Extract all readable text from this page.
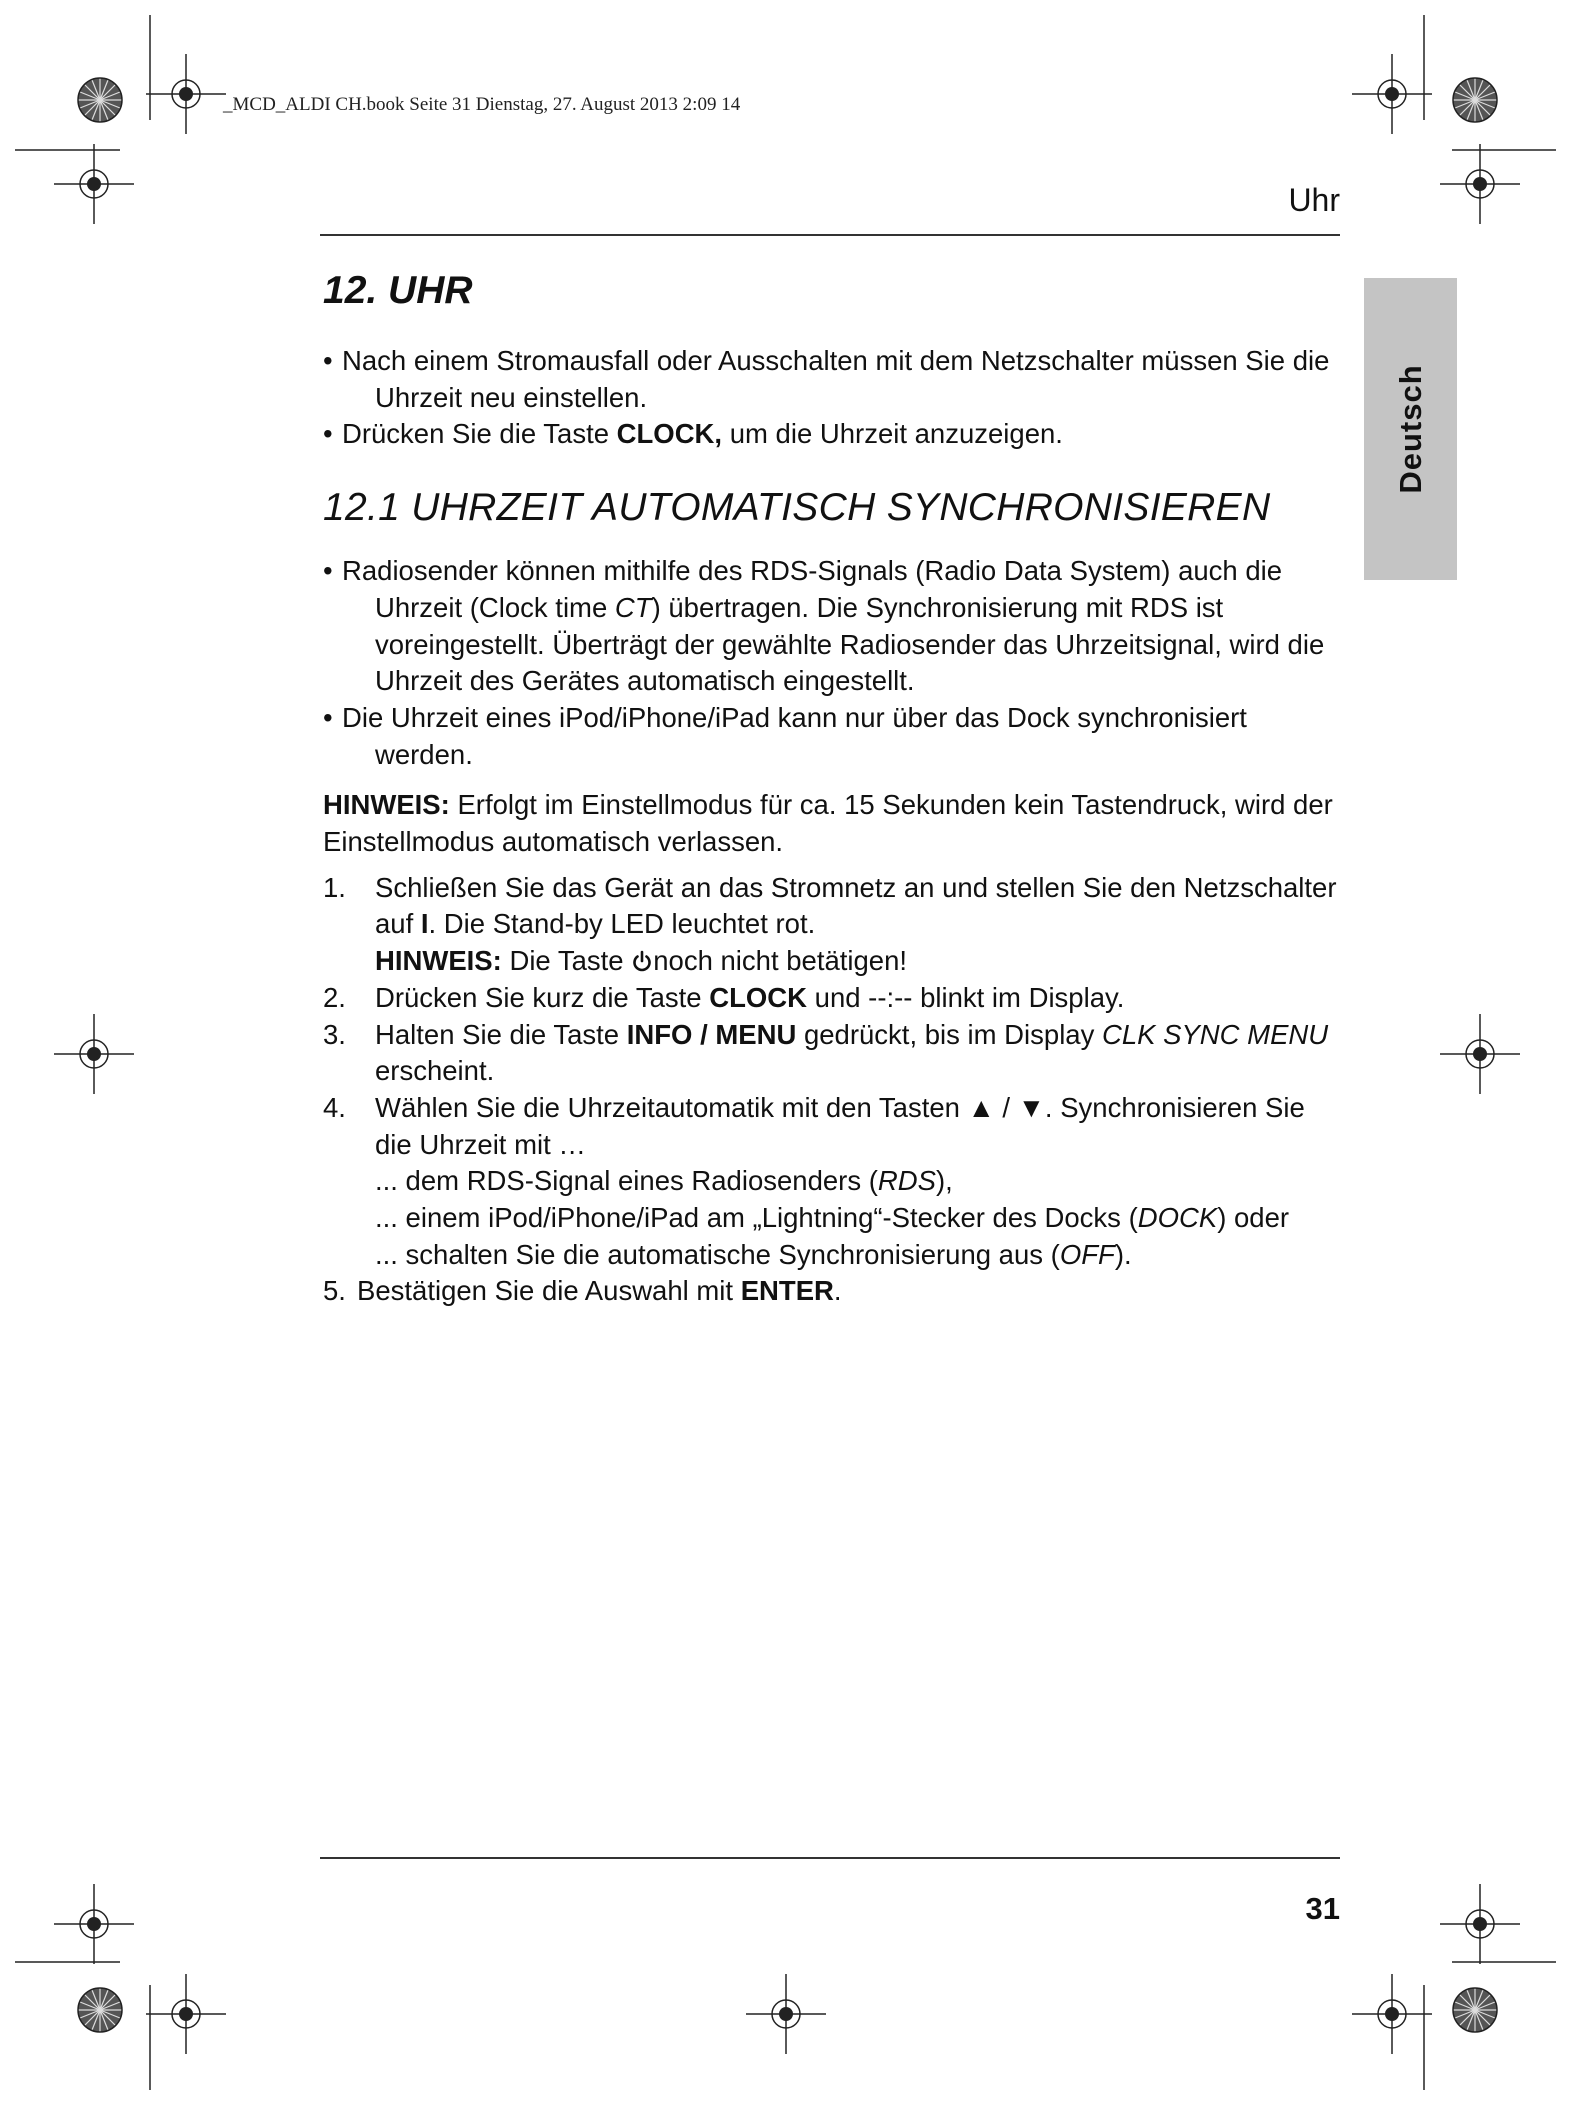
_MCD_ALDI CH.book Seite 31 Dienstag, 27. August 2013 2:09 14
Uhr
Deutsch

12. UHR

• Nach einem Stromausfall oder Ausschalten mit dem Netzschalter müssen Sie die Uhrzeit neu einstellen.

• Drücken Sie die Taste CLOCK, um die Uhrzeit anzuzeigen.

12.1 UHRZEIT AUTOMATISCH SYNCHRONISIEREN

• Radiosender können mithilfe des RDS-Signals (Radio Data System) auch die Uhrzeit (Clock time CT) übertragen. Die Synchronisierung mit RDS ist voreingestellt. Überträgt der gewählte Radiosender das Uhrzeitsignal, wird die Uhrzeit des Gerätes automatisch eingestellt.

• Die Uhrzeit eines iPod/iPhone/iPad kann nur über das Dock synchronisiert werden.

HINWEIS: Erfolgt im Einstellmodus für ca. 15 Sekunden kein Tastendruck, wird der Einstellmodus automatisch verlassen.

1. Schließen Sie das Gerät an das Stromnetz an und stellen Sie den Netzschalter auf I. Die Stand-by LED leuchtet rot.

HINWEIS: Die Taste noch nicht betätigen!

2. Drücken Sie kurz die Taste CLOCK und --:-- blinkt im Display.

3. Halten Sie die Taste INFO / MENU gedrückt, bis im Display CLK SYNC MENU erscheint.

4. Wählen Sie die Uhrzeitautomatik mit den Tasten ▲ / ▼. Synchronisieren Sie die Uhrzeit mit …

... dem RDS-Signal eines Radiosenders (RDS),

... einem iPod/iPhone/iPad am „Lightning“-Stecker des Docks (DOCK) oder

... schalten Sie die automatische Synchronisierung aus (OFF).

5. Bestätigen Sie die Auswahl mit ENTER.

31
